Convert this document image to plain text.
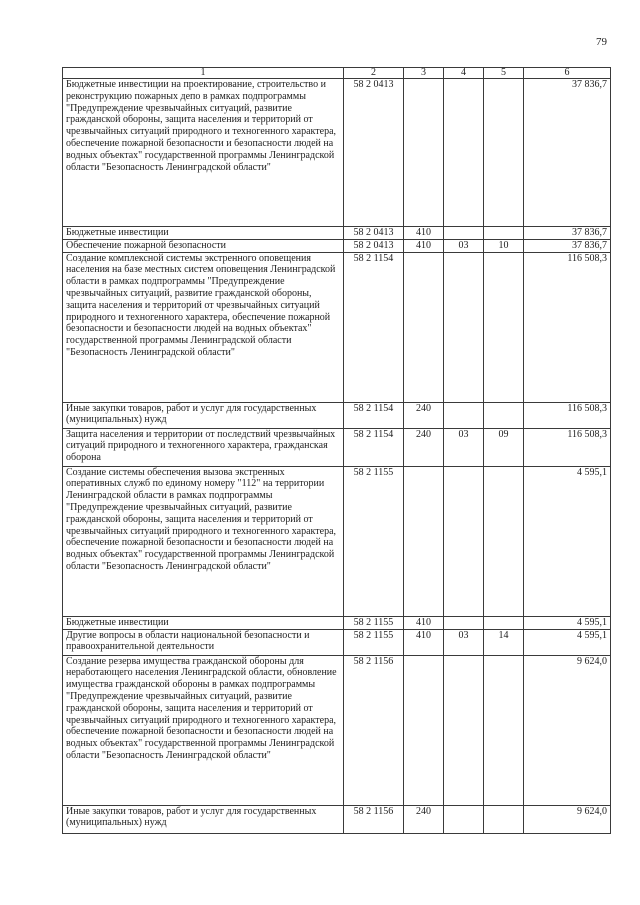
79
1	2	3	4	5	6
Бюджетные инвестиции на проектирование, строительство и реконструкцию пожарных депо в рамках подпрограммы "Предупреждение чрезвычайных ситуаций, развитие гражданской обороны, защита населения и территорий от чрезвычайных ситуаций природного и техногенного характера, обеспечение пожарной безопасности и безопасности людей на водных объектах" государственной программы Ленинградской области "Безопасность Ленинградской области"	58 2 0413				37 836,7
Бюджетные инвестиции	58 2 0413	410			37 836,7
Обеспечение пожарной безопасности	58 2 0413	410	03	10	37 836,7
Создание комплексной системы экстренного оповещения населения на базе местных систем оповещения Ленинградской области в рамках подпрограммы "Предупреждение чрезвычайных ситуаций, развитие гражданской обороны, защита населения и территорий от чрезвычайных ситуаций природного и техногенного характера, обеспечение пожарной безопасности и безопасности людей на водных объектах" государственной программы Ленинградской области "Безопасность Ленинградской области"	58 2 1154				116 508,3
Иные закупки товаров, работ и услуг для государственных (муниципальных) нужд	58 2 1154	240			116 508,3
Защита населения и территории от последствий чрезвычайных ситуаций природного и техногенного характера, гражданская оборона	58 2 1154	240	03	09	116 508,3
Создание системы обеспечения вызова экстренных оперативных служб по единому номеру "112" на территории Ленинградской области в рамках подпрограммы "Предупреждение чрезвычайных ситуаций, развитие гражданской обороны, защита населения и территорий от чрезвычайных ситуаций природного и техногенного характера, обеспечение пожарной безопасности и безопасности людей на водных объектах" государственной программы Ленинградской области "Безопасность Ленинградской области"	58 2 1155				4 595,1
Бюджетные инвестиции	58 2 1155	410			4 595,1
Другие вопросы в области национальной безопасности и правоохранительной деятельности	58 2 1155	410	03	14	4 595,1
Создание резерва имущества гражданской обороны для неработающего населения Ленинградской области, обновление имущества гражданской обороны в рамках подпрограммы "Предупреждение чрезвычайных ситуаций, развитие гражданской обороны, защита населения и территорий от чрезвычайных ситуаций природного и техногенного характера, обеспечение пожарной безопасности и безопасности людей на водных объектах" государственной программы Ленинградской области "Безопасность Ленинградской области"	58 2 1156				9 624,0
Иные закупки товаров, работ и услуг для государственных (муниципальных) нужд	58 2 1156	240			9 624,0
